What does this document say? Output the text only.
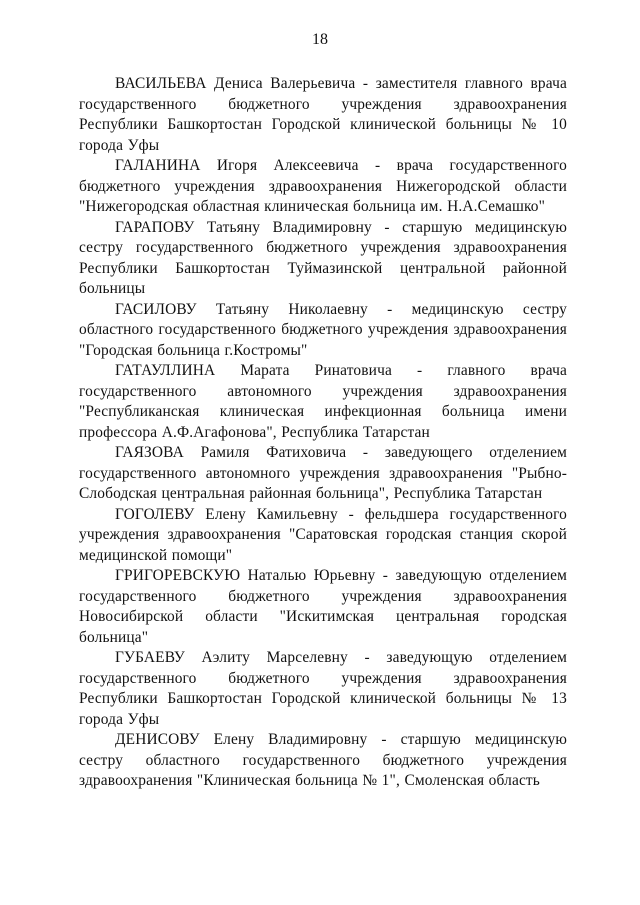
18

ВАСИЛЬЕВА Дениса Валерьевича - заместителя главного врача государственного бюджетного учреждения здравоохранения Республики Башкортостан Городской клинической больницы № 10 города Уфы

ГАЛАНИНА Игоря Алексеевича - врача государственного бюджетного учреждения здравоохранения Нижегородской области "Нижегородская областная клиническая больница им. Н.А.Семашко"

ГАРАПОВУ Татьяну Владимировну - старшую медицинскую сестру государственного бюджетного учреждения здравоохранения Республики Башкортостан Туймазинской центральной районной больницы

ГАСИЛОВУ Татьяну Николаевну - медицинскую сестру областного государственного бюджетного учреждения здравоохранения "Городская больница г.Костромы"

ГАТАУЛЛИНА Марата Ринатовича - главного врача государственного автономного учреждения здравоохранения "Республиканская клиническая инфекционная больница имени профессора А.Ф.Агафонова", Республика Татарстан

ГАЯЗОВА Рамиля Фатиховича - заведующего отделением государственного автономного учреждения здравоохранения "Рыбно-Слободская центральная районная больница", Республика Татарстан

ГОГОЛЕВУ Елену Камильевну - фельдшера государственного учреждения здравоохранения "Саратовская городская станция скорой медицинской помощи"

ГРИГОРЕВСКУЮ Наталью Юрьевну - заведующую отделением государственного бюджетного учреждения здравоохранения Новосибирской области "Искитимская центральная городская больница"

ГУБАЕВУ Аэлиту Марселевну - заведующую отделением государственного бюджетного учреждения здравоохранения Республики Башкортостан Городской клинической больницы № 13 города Уфы

ДЕНИСОВУ Елену Владимировну - старшую медицинскую сестру областного государственного бюджетного учреждения здравоохранения "Клиническая больница № 1", Смоленская область
